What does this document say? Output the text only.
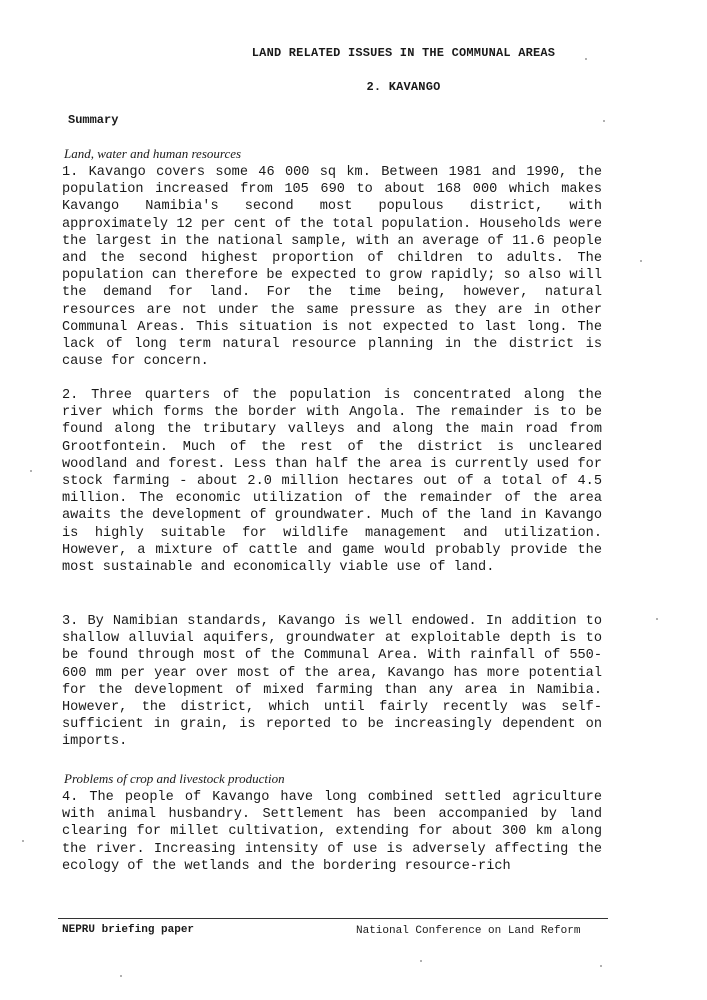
LAND RELATED ISSUES IN THE COMMUNAL AREAS
2. KAVANGO
Summary
Land, water and human resources

1. Kavango covers some 46 000 sq km. Between 1981 and 1990, the population increased from 105 690 to about 168 000 which makes Kavango Namibia's second most populous district, with approximately 12 per cent of the total population. Households were the largest in the national sample, with an average of 11.6 people and the second highest proportion of children to adults. The population can therefore be expected to grow rapidly; so also will the demand for land. For the time being, however, natural resources are not under the same pressure as they are in other Communal Areas. This situation is not expected to last long. The lack of long term natural resource planning in the district is cause for concern.

2. Three quarters of the population is concentrated along the river which forms the border with Angola. The remainder is to be found along the tributary valleys and along the main road from Grootfontein. Much of the rest of the district is uncleared woodland and forest. Less than half the area is currently used for stock farming - about 2.0 million hectares out of a total of 4.5 million. The economic utilization of the remainder of the area awaits the development of groundwater. Much of the land in Kavango is highly suitable for wildlife management and utilization. However, a mixture of cattle and game would probably provide the most sustainable and economically viable use of land.

3. By Namibian standards, Kavango is well endowed. In addition to shallow alluvial aquifers, groundwater at exploitable depth is to be found through most of the Communal Area. With rainfall of 550-600 mm per year over most of the area, Kavango has more potential for the development of mixed farming than any area in Namibia. However, the district, which until fairly recently was self-sufficient in grain, is reported to be increasingly dependent on imports.

Problems of crop and livestock production

4. The people of Kavango have long combined settled agriculture with animal husbandry. Settlement has been accompanied by land clearing for millet cultivation, extending for about 300 km along the river. Increasing intensity of use is adversely affecting the ecology of the wetlands and the bordering resource-rich

NEPRU briefing paper	National Conference on Land Reform
